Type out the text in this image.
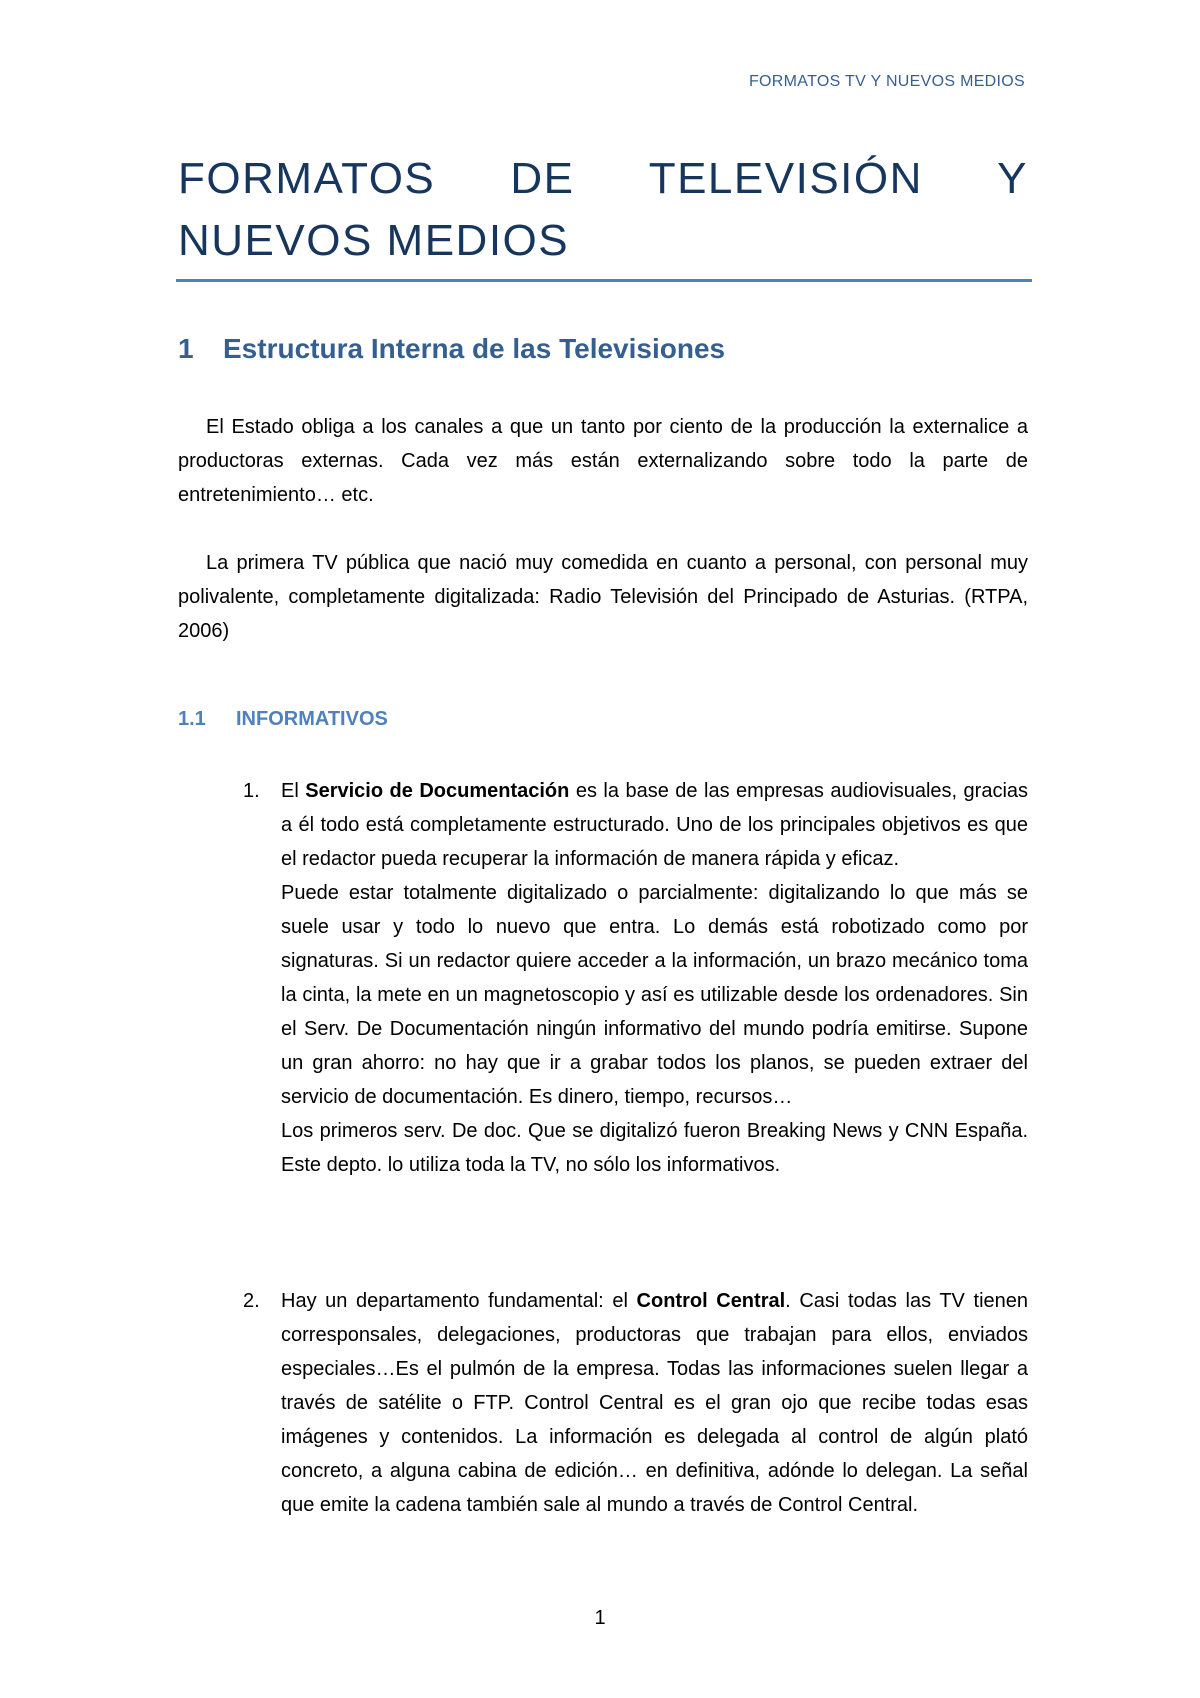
FORMATOS TV Y NUEVOS MEDIOS
FORMATOS DE TELEVISIÓN Y NUEVOS MEDIOS
1 Estructura Interna de las Televisiones

El Estado obliga a los canales a que un tanto por ciento de la producción la externalice a productoras externas. Cada vez más están externalizando sobre todo la parte de entretenimiento… etc.

La primera TV pública que nació muy comedida en cuanto a personal, con personal muy polivalente, completamente digitalizada: Radio Televisión del Principado de Asturias. (RTPA, 2006)

1.1 INFORMATIVOS
1. El Servicio de Documentación es la base de las empresas audiovisuales, gracias a él todo está completamente estructurado. Uno de los principales objetivos es que el redactor pueda recuperar la información de manera rápida y eficaz.

Puede estar totalmente digitalizado o parcialmente: digitalizando lo que más se suele usar y todo lo nuevo que entra. Lo demás está robotizado como por signaturas. Si un redactor quiere acceder a la información, un brazo mecánico toma la cinta, la mete en un magnetoscopio y así es utilizable desde los ordenadores. Sin el Serv. De Documentación ningún informativo del mundo podría emitirse. Supone un gran ahorro: no hay que ir a grabar todos los planos, se pueden extraer del servicio de documentación. Es dinero, tiempo, recursos…

Los primeros serv. De doc. Que se digitalizó fueron Breaking News y CNN España. Este depto. lo utiliza toda la TV, no sólo los informativos.

2. Hay un departamento fundamental: el Control Central. Casi todas las TV tienen corresponsales, delegaciones, productoras que trabajan para ellos, enviados especiales…Es el pulmón de la empresa. Todas las informaciones suelen llegar a través de satélite o FTP. Control Central es el gran ojo que recibe todas esas imágenes y contenidos. La información es delegada al control de algún plató concreto, a alguna cabina de edición… en definitiva, adónde lo delegan. La señal que emite la cadena también sale al mundo a través de Control Central.

1
